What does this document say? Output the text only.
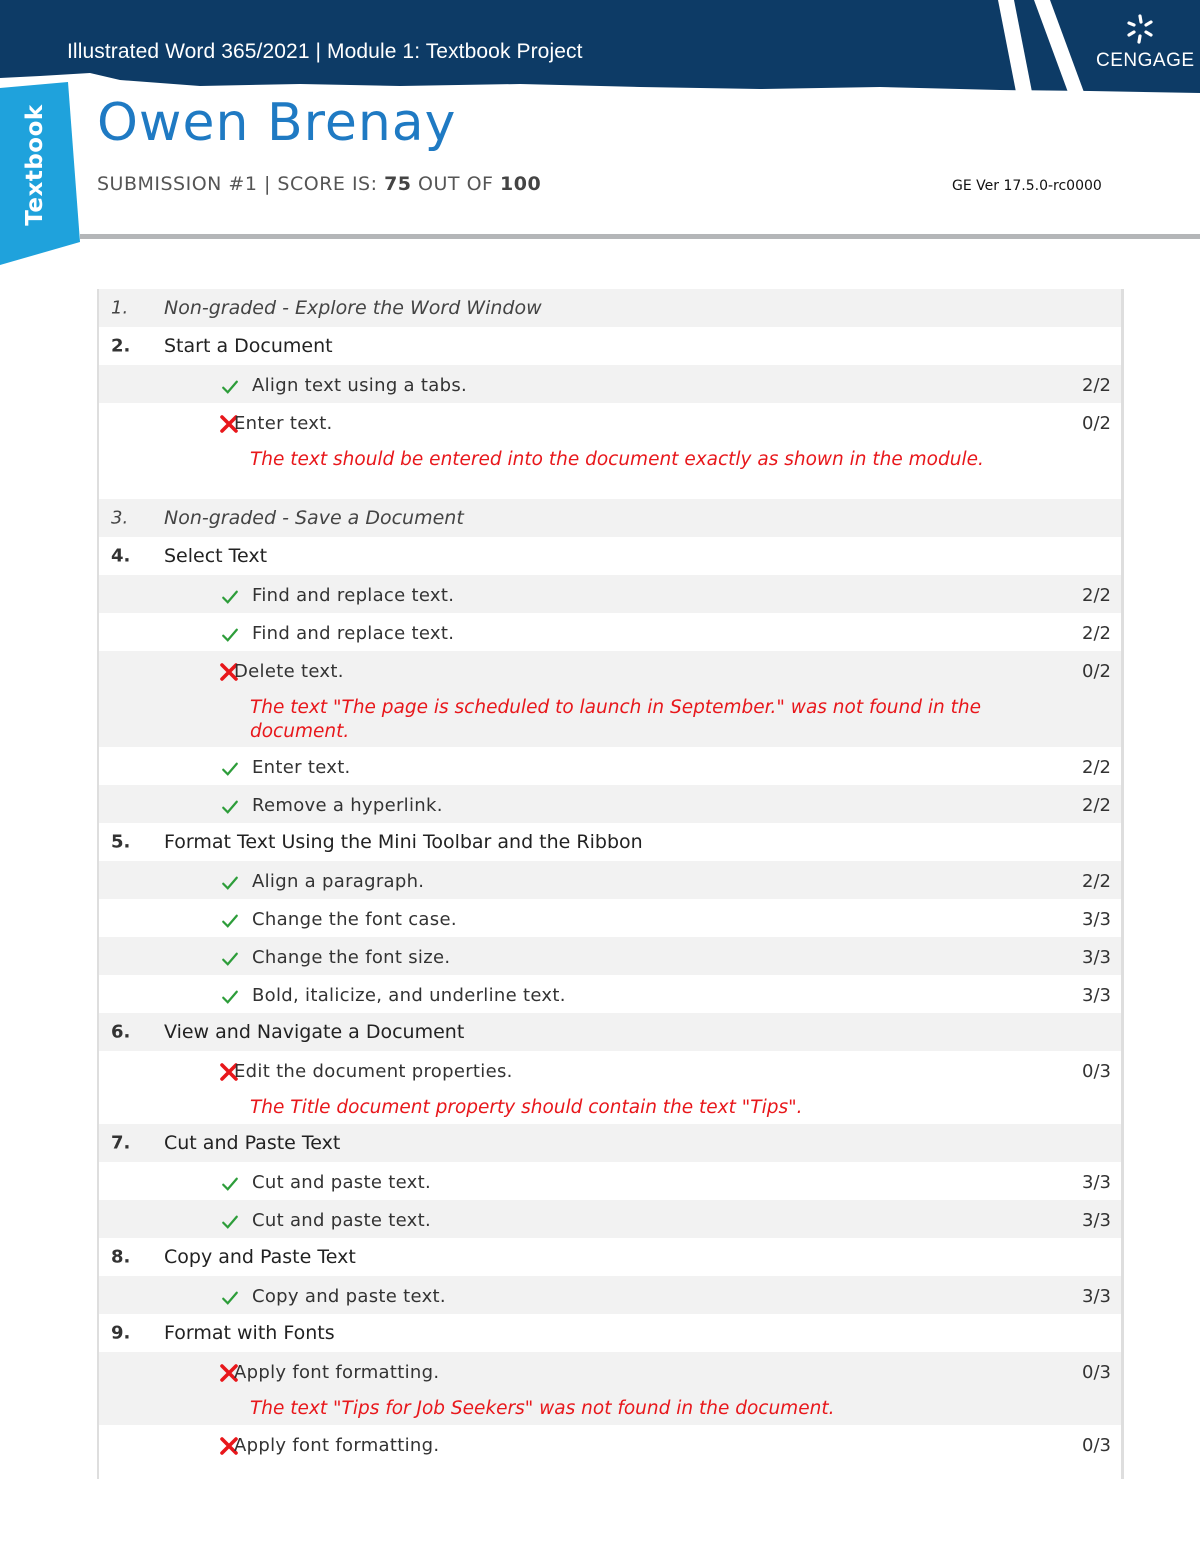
Illustrated Word 365/2021 | Module 1: Textbook Project	CENGAGE
Textbook Owen Brenay
SUBMISSION #1 | SCORE IS: 75 OUT OF 100	GE Ver 17.5.0-rc0000
1. Non-graded - Explore the Word Window
2. Start a Document
Align text using a tabs.	2/2
Enter text.	0/2
The text should be entered into the document exactly as shown in the module.
3. Non-graded - Save a Document
4. Select Text
Find and replace text.	2/2
Find and replace text.	2/2
Delete text.	0/2
The text "The page is scheduled to launch in September." was not found in the document.
Enter text.	2/2
Remove a hyperlink.	2/2
5. Format Text Using the Mini Toolbar and the Ribbon
Align a paragraph.	2/2
Change the font case.	3/3
Change the font size.	3/3
Bold, italicize, and underline text.	3/3
6. View and Navigate a Document
Edit the document properties.	0/3
The Title document property should contain the text "Tips".
7. Cut and Paste Text
Cut and paste text.	3/3
Cut and paste text.	3/3
8. Copy and Paste Text
Copy and paste text.	3/3
9. Format with Fonts
Apply font formatting.	0/3
The text "Tips for Job Seekers" was not found in the document.
Apply font formatting.	0/3
